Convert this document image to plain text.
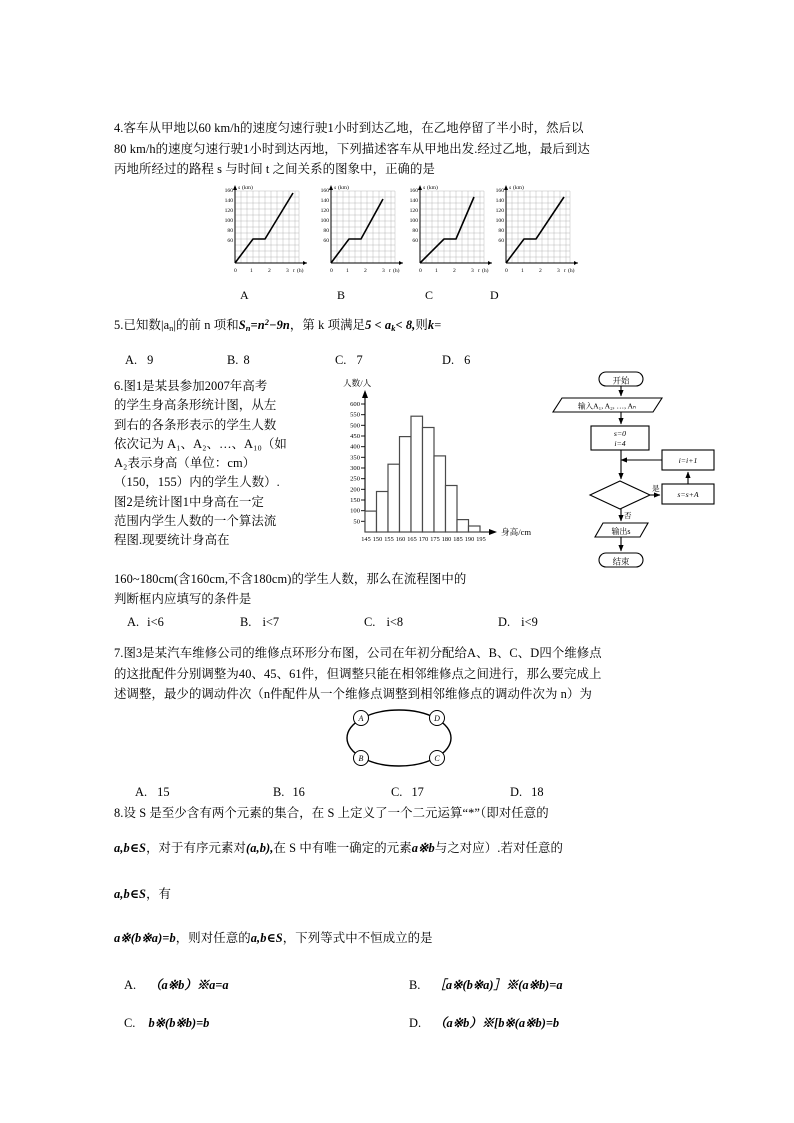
4.客车从甲地以60 km/h的速度匀速行驶1小时到达乙地，在乙地停留了半小时，然后以
80 km/h的速度匀速行驶1小时到达丙地，下列描述客车从甲地出发.经过乙地，最后到达
丙地所经过的路程 s 与时间 t 之间关系的图象中，正确的是
160
140
120
100
80
60
0 1	2	3 t (h)
s (km)	160
140
120
100
80
60
0 1	2	3 t (h)
s (km)	160
140
120
100
80
60
0 1	2	3 t (h)
s (km)	160
140
120
100
80
60
0 1	2	3 t (h)
s (km)
A	B	C	D
5.已知数$|a_n|$的前 n 项和$S_n=n^2-9n$，第 k 项满足$5 < a_k< 8$,则k=
A. 9	B. 8	C. 7	D. 6
6.图1是某县参加2007年高考
的学生身高条形统计图，从左
到右的各条形表示的学生人数
依次记为 A₁、A₂、…、A₁₀（如
A₂表示身高（单位：cm）
（150，155）内的学生人数）.
图2是统计图1中身高在一定
范围内学生人数的一个算法流
程图.现要统计身高在
160~180cm(含160cm,不含180cm)的学生人数，那么在流程图中的
判断框内应填写的条件是
A. i<6	B. i<7	C. i<8	D. i<9
600
550
500
450
400
350
300
250
200
150
100
50
145 150 155 160 165 170 175 180 185 190 195
人数/人
身高/cm
开始
输入A₁, A₂, …, Aₙ
s=0
i=4
i=i+1
s=s+A
输出s
结束
是
否
7.图3是某汽车维修公司的维修点环形分布图，公司在年初分配给A、B、C、D四个维修点
的这批配件分别调整为40、45、61件，但调整只能在相邻维修点之间进行，那么要完成上
述调整，最少的调动件次（n件配件从一个维修点调整到相邻维修点的调动件次为 n）为
A	D
B	C
A. 15	B. 16	C. 17	D. 18
8.设 S 是至少含有两个元素的集合，在 S 上定义了一个二元运算“*”（即对任意的
a,b∈S，对于有序元素对(a,b),在 S 中有唯一确定的元素a※b与之对应）.若对任意的
a,b∈S，有
a※(b※a)=b，则对任意的a,b∈S，下列等式中不恒成立的是
A. （a※b）※a=a	B. ［a※(b※a)］※(a※b)=a
C. b※(b※b)=b	D. （a※b）※[b※(a※b)=b
